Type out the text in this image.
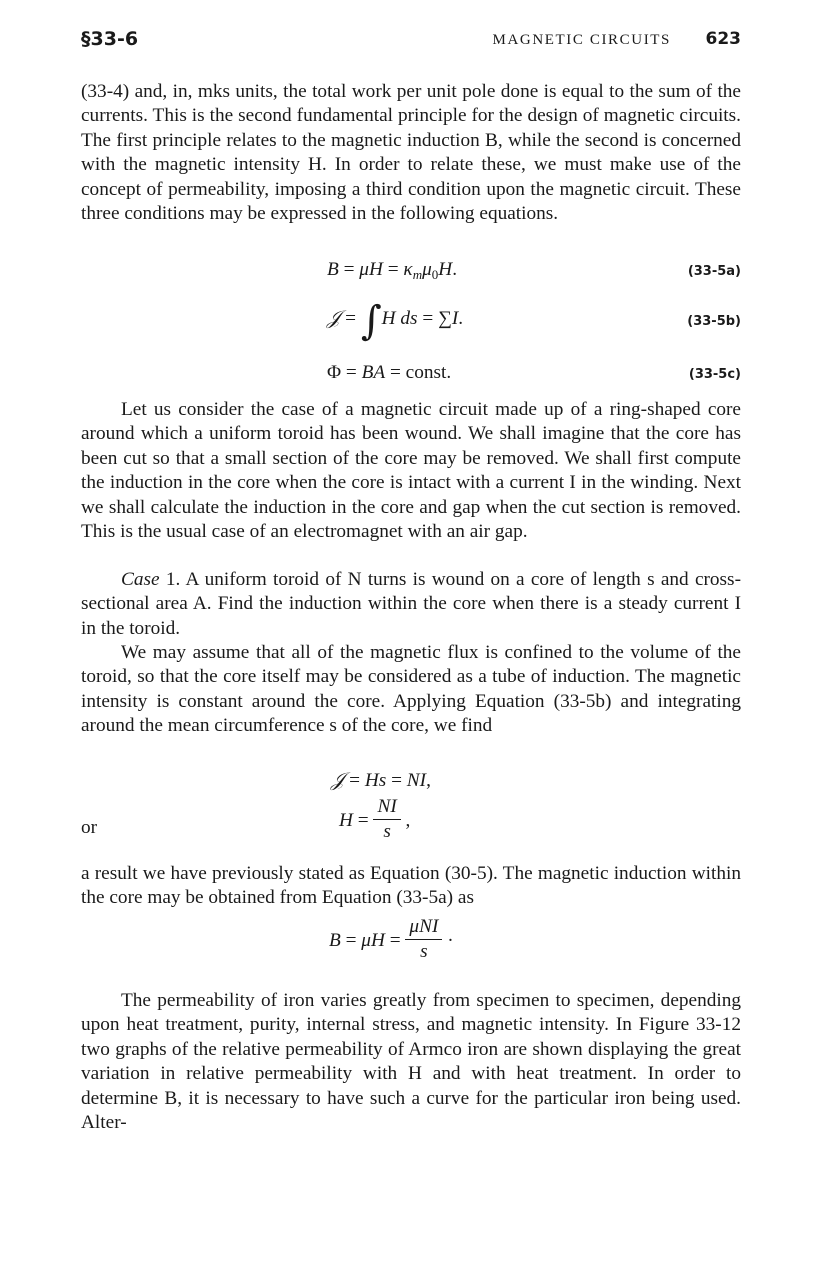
§33-6	MAGNETIC CIRCUITS 623

(33-4) and, in, mks units, the total work per unit pole done is equal to the sum of the currents. This is the second fundamental principle for the design of magnetic circuits. The first principle relates to the magnetic induction B, while the second is concerned with the magnetic intensity H. In order to relate these, we must make use of the concept of permeability, imposing a third condition upon the magnetic circuit. These three conditions may be expressed in the following equations.

$B = \mu H = \kappa_m\mu_0H$.	(33-5a)
𝒥 = ∫H ds = ∑I.	(33-5b)
Φ = BA = const.	(33-5c)

Let us consider the case of a magnetic circuit made up of a ring-shaped core around which a uniform toroid has been wound. We shall imagine that the core has been cut so that a small section of the core may be removed. We shall first compute the induction in the core when the core is intact with a current I in the winding. Next we shall calculate the induction in the core and gap when the cut section is removed. This is the usual case of an electromagnet with an air gap.

Case 1. A uniform toroid of N turns is wound on a core of length s and cross-sectional area A. Find the induction within the core when there is a steady current I in the toroid.

We may assume that all of the magnetic flux is confined to the volume of the toroid, so that the core itself may be considered as a tube of induction. The magnetic intensity is constant around the core. Applying Equation (33-5b) and integrating around the mean circumference s of the core, we find

𝒥 = Hs = NI,
or	$H = \frac{NI}{s}$ ,

a result we have previously stated as Equation (30-5). The magnetic induction within the core may be obtained from Equation (33-5a) as

$B = \mu H = \frac{\text{μNI}}{s}$ ·

The permeability of iron varies greatly from specimen to specimen, depending upon heat treatment, purity, internal stress, and magnetic intensity. In Figure 33-12 two graphs of the relative permeability of Armco iron are shown displaying the great variation in relative permeability with H and with heat treatment. In order to determine B, it is necessary to have such a curve for the particular iron being used. Alter-
